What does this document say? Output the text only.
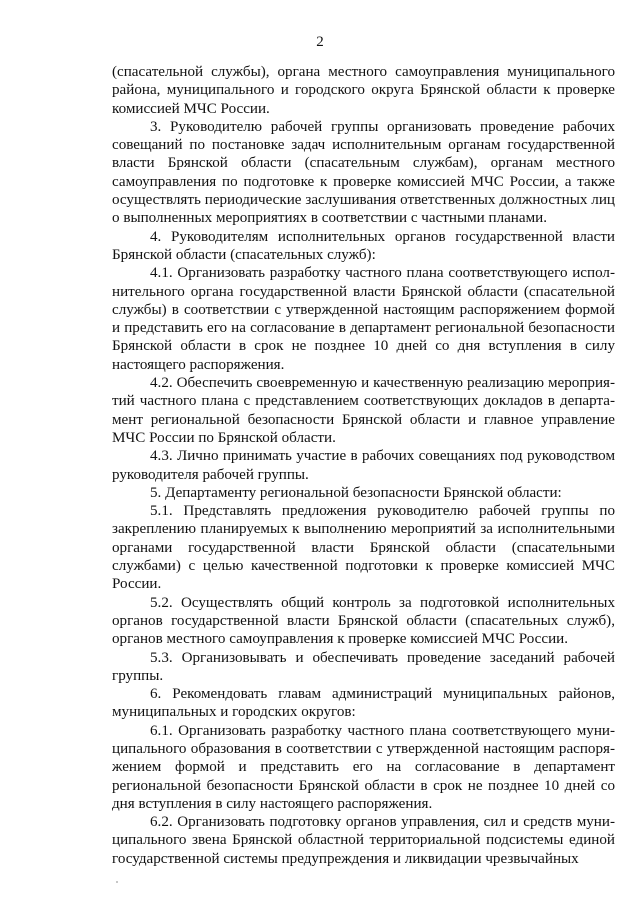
2

(спасательной службы), органа местного самоуправления муниципального района, муниципального и городского округа Брянской области к проверке комиссией МЧС России.

3. Руководителю рабочей группы организовать проведение рабочих совещаний по постановке задач исполнительным органам государственной власти Брянской области (спасательным службам), органам местного самоуправления по подготовке к проверке комиссией МЧС России, а также осуществлять периодические заслушивания ответственных должностных лиц о выполненных мероприятиях в соответствии с частными планами.

4. Руководителям исполнительных органов государственной власти Брянской области (спасательных служб):

4.1. Организовать разработку частного плана соответствующего исполнительного органа государственной власти Брянской области (спасательной службы) в соответствии с утвержденной настоящим распоряжением формой и представить его на согласование в департамент региональной безопасности Брянской области в срок не позднее 10 дней со дня вступления в силу настоящего распоряжения.

4.2. Обеспечить своевременную и качественную реализацию мероприятий частного плана с представлением соответствующих докладов в департамент региональной безопасности Брянской области и главное управление МЧС России по Брянской области.

4.3. Лично принимать участие в рабочих совещаниях под руководством руководителя рабочей группы.

5. Департаменту региональной безопасности Брянской области:

5.1. Представлять предложения руководителю рабочей группы по закреплению планируемых к выполнению мероприятий за исполнительными органами государственной власти Брянской области (спасательными службами) с целью качественной подготовки к проверке комиссией МЧС России.

5.2. Осуществлять общий контроль за подготовкой исполнительных органов государственной власти Брянской области (спасательных служб), органов местного самоуправления к проверке комиссией МЧС России.

5.3. Организовывать и обеспечивать проведение заседаний рабочей группы.

6. Рекомендовать главам администраций муниципальных районов, муниципальных и городских округов:

6.1. Организовать разработку частного плана соответствующего муниципального образования в соответствии с утвержденной настоящим распоряжением формой и представить его на согласование в департамент региональной безопасности Брянской области в срок не позднее 10 дней со дня вступления в силу настоящего распоряжения.

6.2. Организовать подготовку органов управления, сил и средств муниципального звена Брянской областной территориальной подсистемы единой государственной системы предупреждения и ликвидации чрезвычайных
